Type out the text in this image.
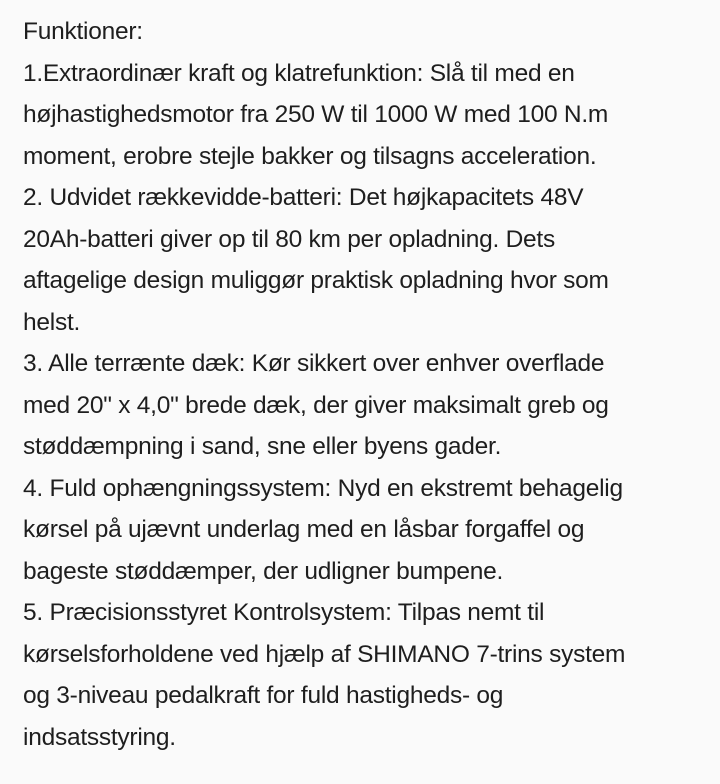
Funktioner:
1.Extraordinær kraft og klatrefunktion: Slå til med en
højhastighedsmotor fra 250 W til 1000 W med 100 N.m
moment, erobre stejle bakker og tilsagns acceleration.
2. Udvidet rækkevidde-batteri: Det højkapacitets 48V
20Ah-batteri giver op til 80 km per opladning. Dets
aftagelige design muliggør praktisk opladning hvor som
helst.
3. Alle terrænte dæk: Kør sikkert over enhver overflade
med 20" x 4,0" brede dæk, der giver maksimalt greb og
støddæmpning i sand, sne eller byens gader.
4. Fuld ophængningssystem: Nyd en ekstremt behagelig
kørsel på ujævnt underlag med en låsbar forgaffel og
bageste støddæmper, der udligner bumpene.
5. Præcisionsstyret Kontrolsystem: Tilpas nemt til
kørselsforholdene ved hjælp af SHIMANO 7-trins system
og 3-niveau pedalkraft for fuld hastigheds- og
indsatsstyring.
